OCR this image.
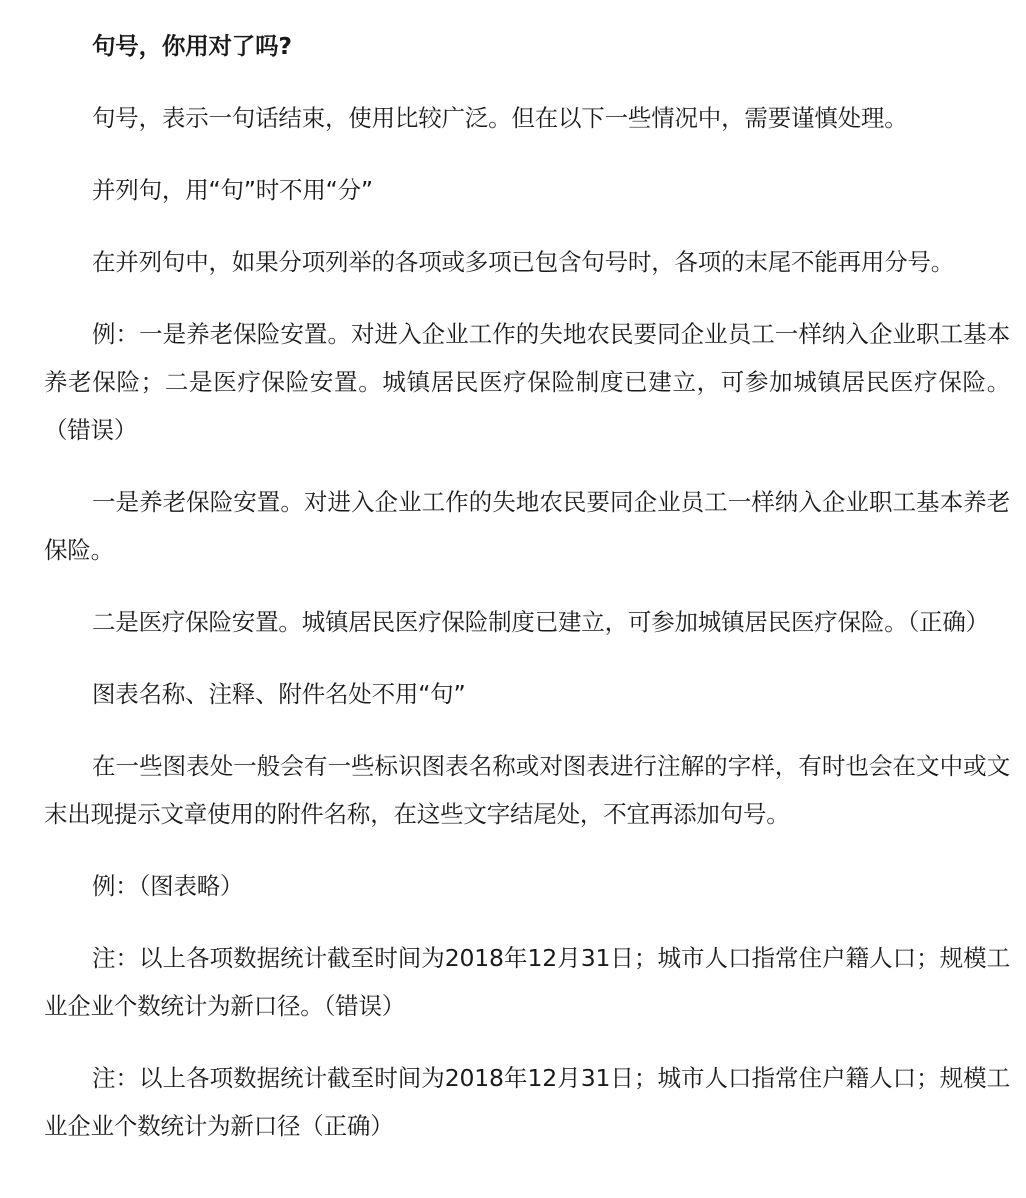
句号，你用对了吗?

句号，表示一句话结束，使用比较广泛。但在以下一些情况中，需要谨慎处理。

并列句，用“句”时不用“分”

在并列句中，如果分项列举的各项或多项已包含句号时，各项的末尾不能再用分号。

例：一是养老保险安置。对进入企业工作的失地农民要同企业员工一样纳入企业职工基本养老保险；二是医疗保险安置。城镇居民医疗保险制度已建立，可参加城镇居民医疗保险。（错误）

一是养老保险安置。对进入企业工作的失地农民要同企业员工一样纳入企业职工基本养老保险。

二是医疗保险安置。城镇居民医疗保险制度已建立，可参加城镇居民医疗保险。（正确）

图表名称、注释、附件名处不用“句”

在一些图表处一般会有一些标识图表名称或对图表进行注解的字样，有时也会在文中或文末出现提示文章使用的附件名称，在这些文字结尾处，不宜再添加句号。

例：（图表略）

注：以上各项数据统计截至时间为2018年12月31日；城市人口指常住户籍人口；规模工业企业个数统计为新口径。（错误）

注：以上各项数据统计截至时间为2018年12月31日；城市人口指常住户籍人口；规模工业企业个数统计为新口径（正确）
